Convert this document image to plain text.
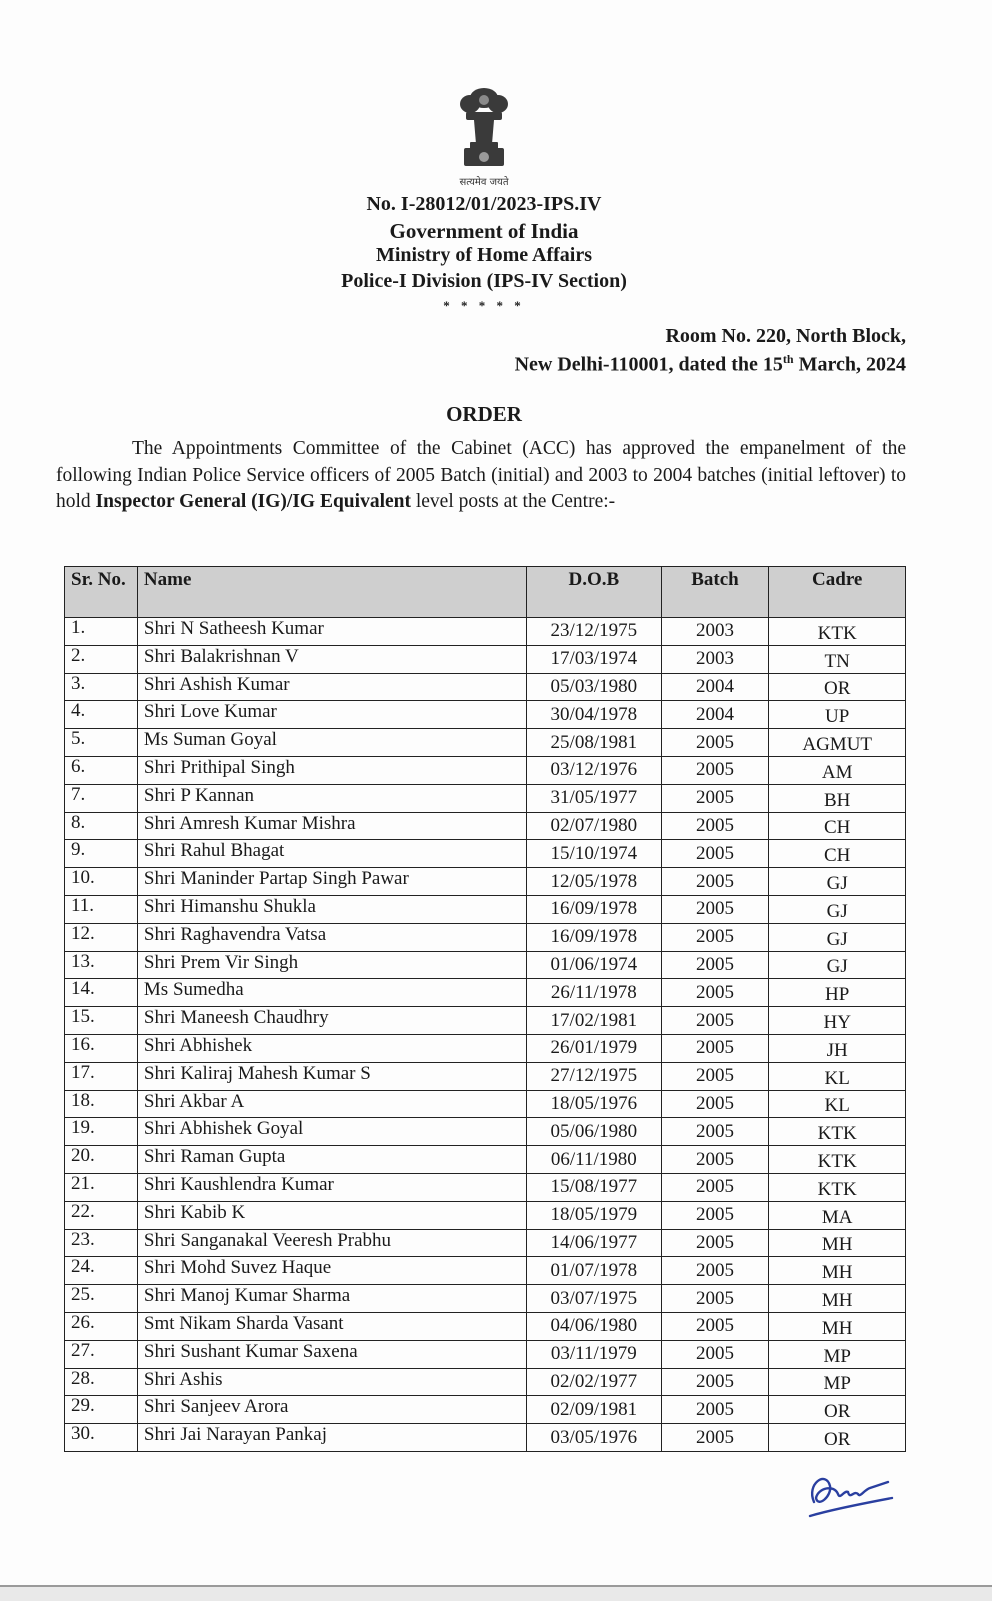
सत्यमेव जयते
No. I-28012/01/2023-IPS.IV
Government of India
Ministry of Home Affairs
Police-I Division (IPS-IV Section)
* * * * *
Room No. 220, North Block,
New Delhi-110001, dated the 15th March, 2024
ORDER
The Appointments Committee of the Cabinet (ACC) has approved the empanelment of the following Indian Police Service officers of 2005 Batch (initial) and 2003 to 2004 batches (initial leftover) to hold Inspector General (IG)/IG Equivalent level posts at the Centre:-
Sr. No.	Name	D.O.B	Batch	Cadre
1.	Shri N Satheesh Kumar	23/12/1975	2003	KTK
2.	Shri Balakrishnan V	17/03/1974	2003	TN
3.	Shri Ashish Kumar	05/03/1980	2004	OR
4.	Shri Love Kumar	30/04/1978	2004	UP
5.	Ms Suman Goyal	25/08/1981	2005	AGMUT
6.	Shri Prithipal Singh	03/12/1976	2005	AM
7.	Shri P Kannan	31/05/1977	2005	BH
8.	Shri Amresh Kumar Mishra	02/07/1980	2005	CH
9.	Shri Rahul Bhagat	15/10/1974	2005	CH
10.	Shri Maninder Partap Singh Pawar	12/05/1978	2005	GJ
11.	Shri Himanshu Shukla	16/09/1978	2005	GJ
12.	Shri Raghavendra Vatsa	16/09/1978	2005	GJ
13.	Shri Prem Vir Singh	01/06/1974	2005	GJ
14.	Ms Sumedha	26/11/1978	2005	HP
15.	Shri Maneesh Chaudhry	17/02/1981	2005	HY
16.	Shri Abhishek	26/01/1979	2005	JH
17.	Shri Kaliraj Mahesh Kumar S	27/12/1975	2005	KL
18.	Shri Akbar A	18/05/1976	2005	KL
19.	Shri Abhishek Goyal	05/06/1980	2005	KTK
20.	Shri Raman Gupta	06/11/1980	2005	KTK
21.	Shri Kaushlendra Kumar	15/08/1977	2005	KTK
22.	Shri Kabib K	18/05/1979	2005	MA
23.	Shri Sanganakal Veeresh Prabhu	14/06/1977	2005	MH
24.	Shri Mohd Suvez Haque	01/07/1978	2005	MH
25.	Shri Manoj Kumar Sharma	03/07/1975	2005	MH
26.	Smt Nikam Sharda Vasant	04/06/1980	2005	MH
27.	Shri Sushant Kumar Saxena	03/11/1979	2005	MP
28.	Shri Ashis	02/02/1977	2005	MP
29.	Shri Sanjeev Arora	02/09/1981	2005	OR
30.	Shri Jai Narayan Pankaj	03/05/1976	2005	OR
